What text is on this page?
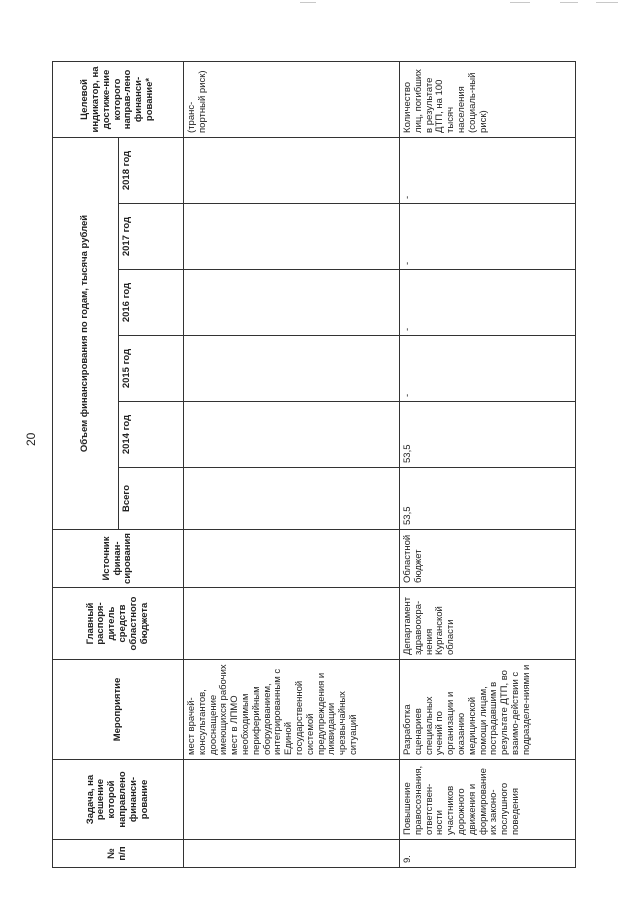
20
№ п/п	Задача, на решение которой направлено финанси-рование	Мероприятие	Главный распоря-дитель средств областного бюджета	Источник финан-сирования	Объем финансирования по годам, тысяча рублей						Целевой индикатор, на достиже-ние которого направ-лено финанси-рование*
					Всего	2014 год	2015 год	2016 год	2017 год	2018 год	
		мест врачей-консультантов, дооснащение имеющихся рабочих мест в ЛПМО необходимым периферийным оборудованием, интегрированным с Единой государственной системой предупреждения и ликвидации чрезвычайных ситуаций									(транс-портный риск)
9.	Повышение правосознания, ответствен-ности участников дорожного движения и формирование их законо-послушного поведения	Разработка сценариев специальных учений по организации и оказанию медицинской помощи лицам, пострадавшим в результате ДТП, во взаимо-действии с подразделе-ниями и	Департамент здравоохра-нения Курганской области	Областной бюджет	53,5	53,5	-	-	-	-	Количество лиц, погибших в результате ДТП, на 100 тысяч населения (социаль-ный риск)
